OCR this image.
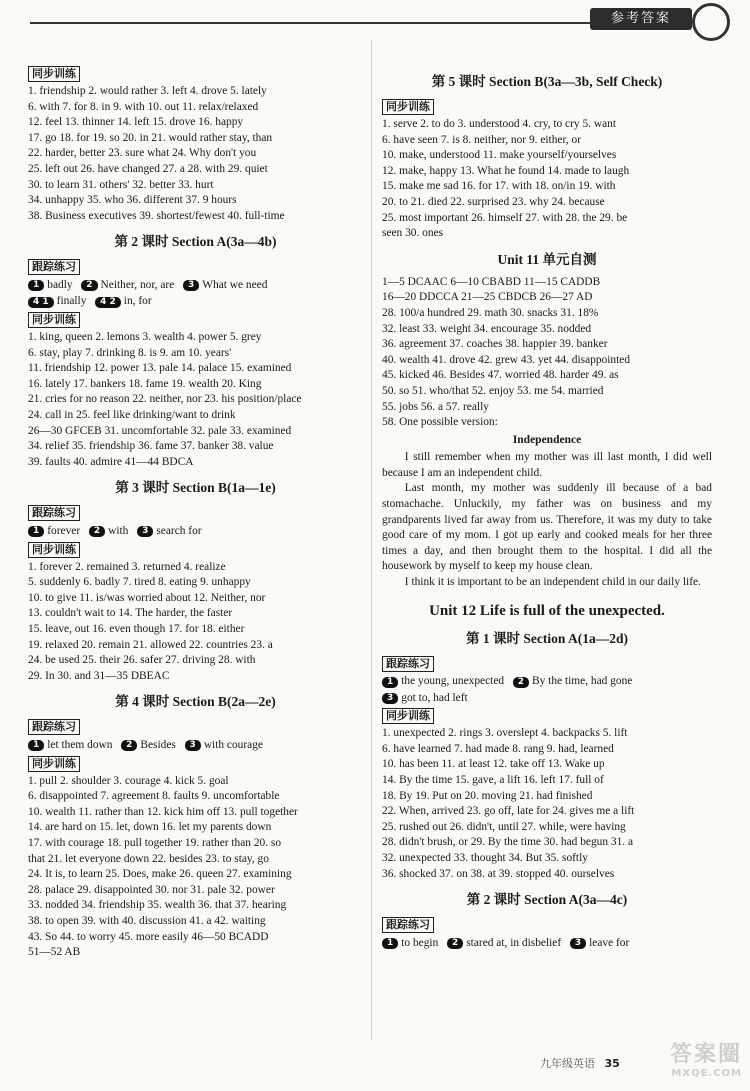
参考答案
同步训练
1. friendship 2. would rather 3. left 4. drove 5. lately
6. with 7. for 8. in 9. with 10. out 11. relax/relaxed
12. feel 13. thinner 14. left 15. drove 16. happy
17. go 18. for 19. so 20. in 21. would rather stay, than
22. harder, better 23. sure what 24. Why don't you
25. left out 26. have changed 27. a 28. with 29. quiet
30. to learn 31. others' 32. better 33. hurt
34. unhappy 35. who 36. different 37. 9 hours
38. Business executives 39. shortest/fewest 40. full-time
第 2 课时 Section A(3a—4b)
跟踪练习
1 badly
	2 Neither, nor, are
	3 What we need

4 1 finally
	4 2 in, for

同步训练
1. king, queen 2. lemons 3. wealth 4. power 5. grey
6. stay, play 7. drinking 8. is 9. am 10. years'
11. friendship 12. power 13. pale 14. palace 15. examined
16. lately 17. bankers 18. fame 19. wealth 20. King
21. cries for no reason 22. neither, nor 23. his position/place
24. call in 25. feel like drinking/want to drink
26—30 GFCEB 31. uncomfortable 32. pale 33. examined
34. relief 35. friendship 36. fame 37. banker 38. value
39. faults 40. admire 41—44 BDCA
第 3 课时 Section B(1a—1e)
跟踪练习
1 forever
	2 with
	3 search for

同步训练
1. forever 2. remained 3. returned 4. realize
5. suddenly 6. badly 7. tired 8. eating 9. unhappy
10. to give 11. is/was worried about 12. Neither, nor
13. couldn't wait to 14. The harder, the faster
15. leave, out 16. even though 17. for 18. either
19. relaxed 20. remain 21. allowed 22. countries 23. a
24. be used 25. their 26. safer 27. driving 28. with
29. In 30. and 31—35 DBEAC
第 4 课时 Section B(2a—2e)
跟踪练习
1 let them down
	2 Besides
	3 with courage

同步训练
1. pull 2. shoulder 3. courage 4. kick 5. goal
6. disappointed 7. agreement 8. faults 9. uncomfortable
10. wealth 11. rather than 12. kick him off 13. pull together
14. are hard on 15. let, down 16. let my parents down
17. with courage 18. pull together 19. rather than 20. so
that 21. let everyone down 22. besides 23. to stay, go
24. It is, to learn 25. Does, make 26. queen 27. examining
28. palace 29. disappointed 30. nor 31. pale 32. power
33. nodded 34. friendship 35. wealth 36. that 37. hearing
38. to open 39. with 40. discussion 41. a 42. waiting
43. So 44. to worry 45. more easily 46—50 BCADD
51—52 AB
第 5 课时 Section B(3a—3b, Self Check)
同步训练
1. serve 2. to do 3. understood 4. cry, to cry 5. want
6. have seen 7. is 8. neither, nor 9. either, or
10. make, understood 11. make yourself/yourselves
12. make, happy 13. What he found 14. made to laugh
15. make me sad 16. for 17. with 18. on/in 19. with
20. to 21. died 22. surprised 23. why 24. because
25. most important 26. himself 27. with 28. the 29. be
seen 30. ones
Unit 11 单元自测
1—5 DCAAC 6—10 CBABD 11—15 CADDB
16—20 DDCCA 21—25 CBDCB 26—27 AD
28. 100/a hundred 29. math 30. snacks 31. 18%
32. least 33. weight 34. encourage 35. nodded
36. agreement 37. coaches 38. happier 39. banker
40. wealth 41. drove 42. grew 43. yet 44. disappointed
45. kicked 46. Besides 47. worried 48. harder 49. as
50. so 51. who/that 52. enjoy 53. me 54. married
55. jobs 56. a 57. really
58. One possible version:
Independence
I still remember when my mother was ill last month, I did well because I am an independent child.
Last month, my mother was suddenly ill because of a bad stomachache. Unluckily, my father was on business and my grandparents lived far away from us. Therefore, it was my duty to take good care of my mom. I got up early and cooked meals for her three times a day, and then brought them to the hospital. I did all the housework by myself to keep my house clean.
I think it is important to be an independent child in our daily life.
Unit 12 Life is full of the unexpected.
第 1 课时 Section A(1a—2d)
跟踪练习
1 the young, unexpected
	2 By the time, had gone

3 got to, had left

同步训练
1. unexpected 2. rings 3. overslept 4. backpacks 5. lift
6. have learned 7. had made 8. rang 9. had, learned
10. has been 11. at least 12. take off 13. Wake up
14. By the time 15. gave, a lift 16. left 17. full of
18. By 19. Put on 20. moving 21. had finished
22. When, arrived 23. go off, late for 24. gives me a lift
25. rushed out 26. didn't, until 27. while, were having
28. didn't brush, or 29. By the time 30. had begun 31. a
32. unexpected 33. thought 34. But 35. softly
36. shocked 37. on 38. at 39. stopped 40. ourselves
第 2 课时 Section A(3a—4c)
跟踪练习
1 to begin
	2 stared at, in disbelief
	3 leave for

九年级英语 35 答案圈
MXQE.COM
